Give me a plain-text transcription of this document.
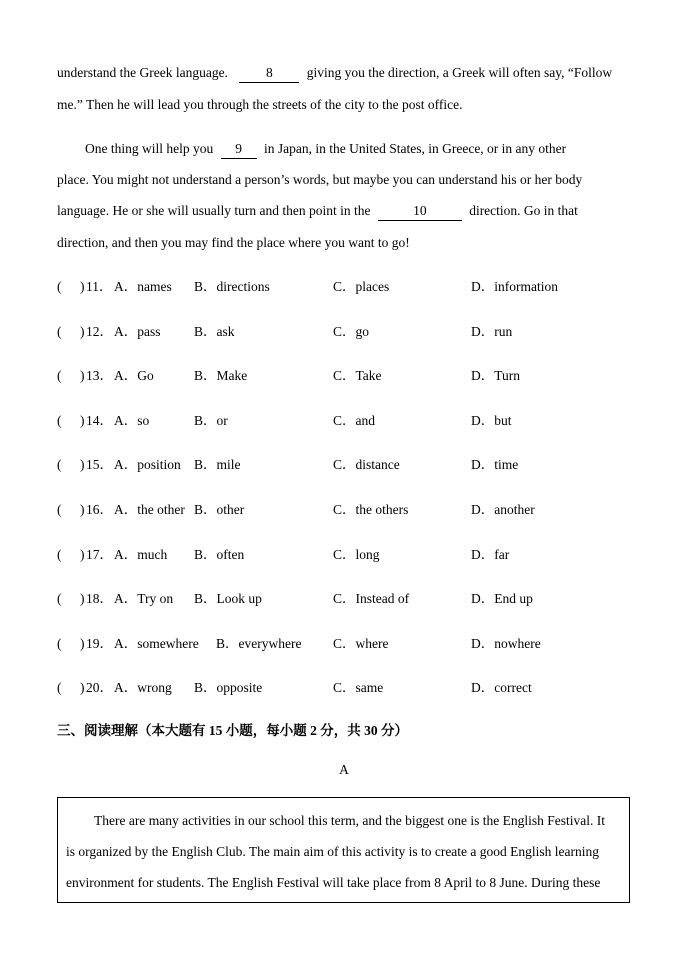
understand the Greek language.	8	giving you the direction, a Greek will often say, “Follow
me.” Then he will lead you through the streets of the city to the post office.
One thing will help you 9 in Japan, in the United States, in Greece, or in any other
place. You might not understand a person’s words, but maybe you can understand his or her body
language. He or she will usually turn and then point in the	10	direction. Go in that
direction, and then you may find the place where you want to go!
( ) 11． A．names B．directions	C．places	D．information
( ) 12． A．pass B．ask	C．go	D．run
( ) 13． A．Go	B．Make	C．Take	D．Turn
( ) 14． A．so	B．or	C．and	D．but
( ) 15． A．position B．mile	C．distance	D．time
( ) 16． A．the other B．other	C．the others	D．another
( ) 17． A．much B．often	C．long	D．far
( ) 18． A．Try on B．Look up	C．Instead of	D．End up
( ) 19． A．somewhere B．everywhere C．where	D．nowhere
( ) 20． A．wrong B．opposite	C．same	D．correct
三、阅读理解（本大题有 15 小题，每小题 2 分，共 30 分）
A
There are many activities in our school this term, and the biggest one is the English Festival. It
is organized by the English Club. The main aim of this activity is to create a good English learning
environment for students. The English Festival will take place from 8 April to 8 June. During these
